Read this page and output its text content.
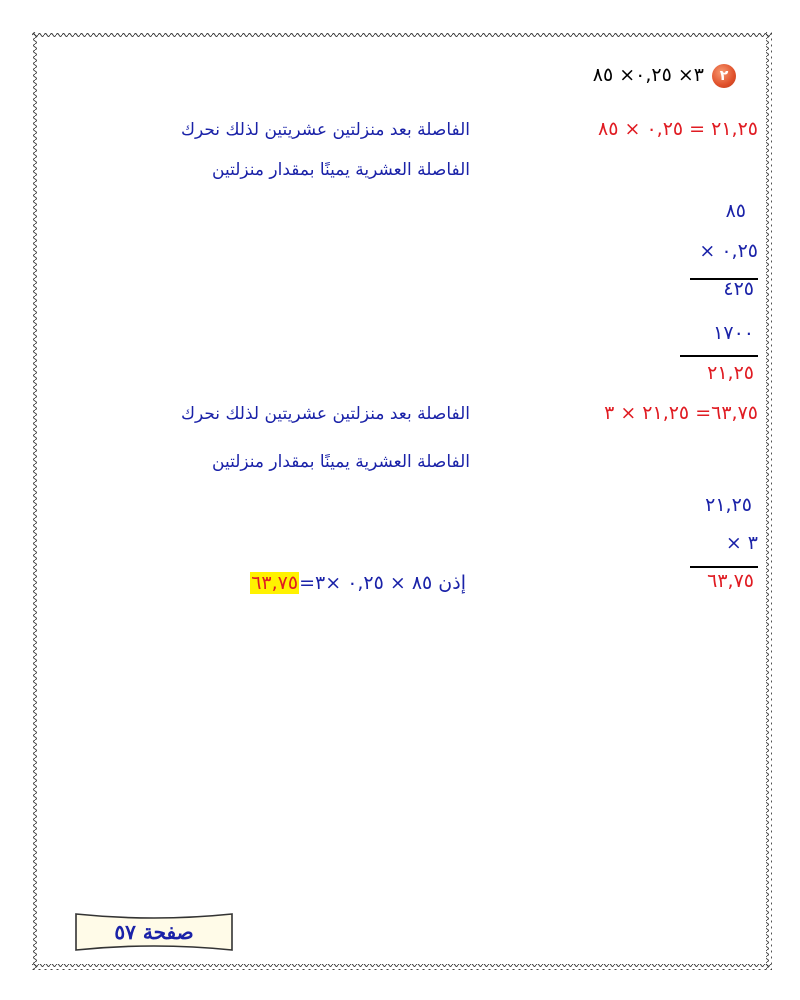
٢
٣× ٠,٢٥× ٨٥
٢١,٢٥ = ٠,٢٥ × ٨٥
الفاصلة بعد منزلتين عشريتين لذلك نحرك
الفاصلة العشرية يمينًا بمقدار منزلتين
٨٥
٠,٢٥ ×
٤٢٥
١٧٠٠
٢١,٢٥
٦٣,٧٥= ٢١,٢٥ × ٣
الفاصلة بعد منزلتين عشريتين لذلك نحرك
الفاصلة العشرية يمينًا بمقدار منزلتين
٢١,٢٥
٣ ×
٦٣,٧٥
إذن ٨٥ × ٠,٢٥ ×٣=٦٣,٧٥
صفحة ٥٧
